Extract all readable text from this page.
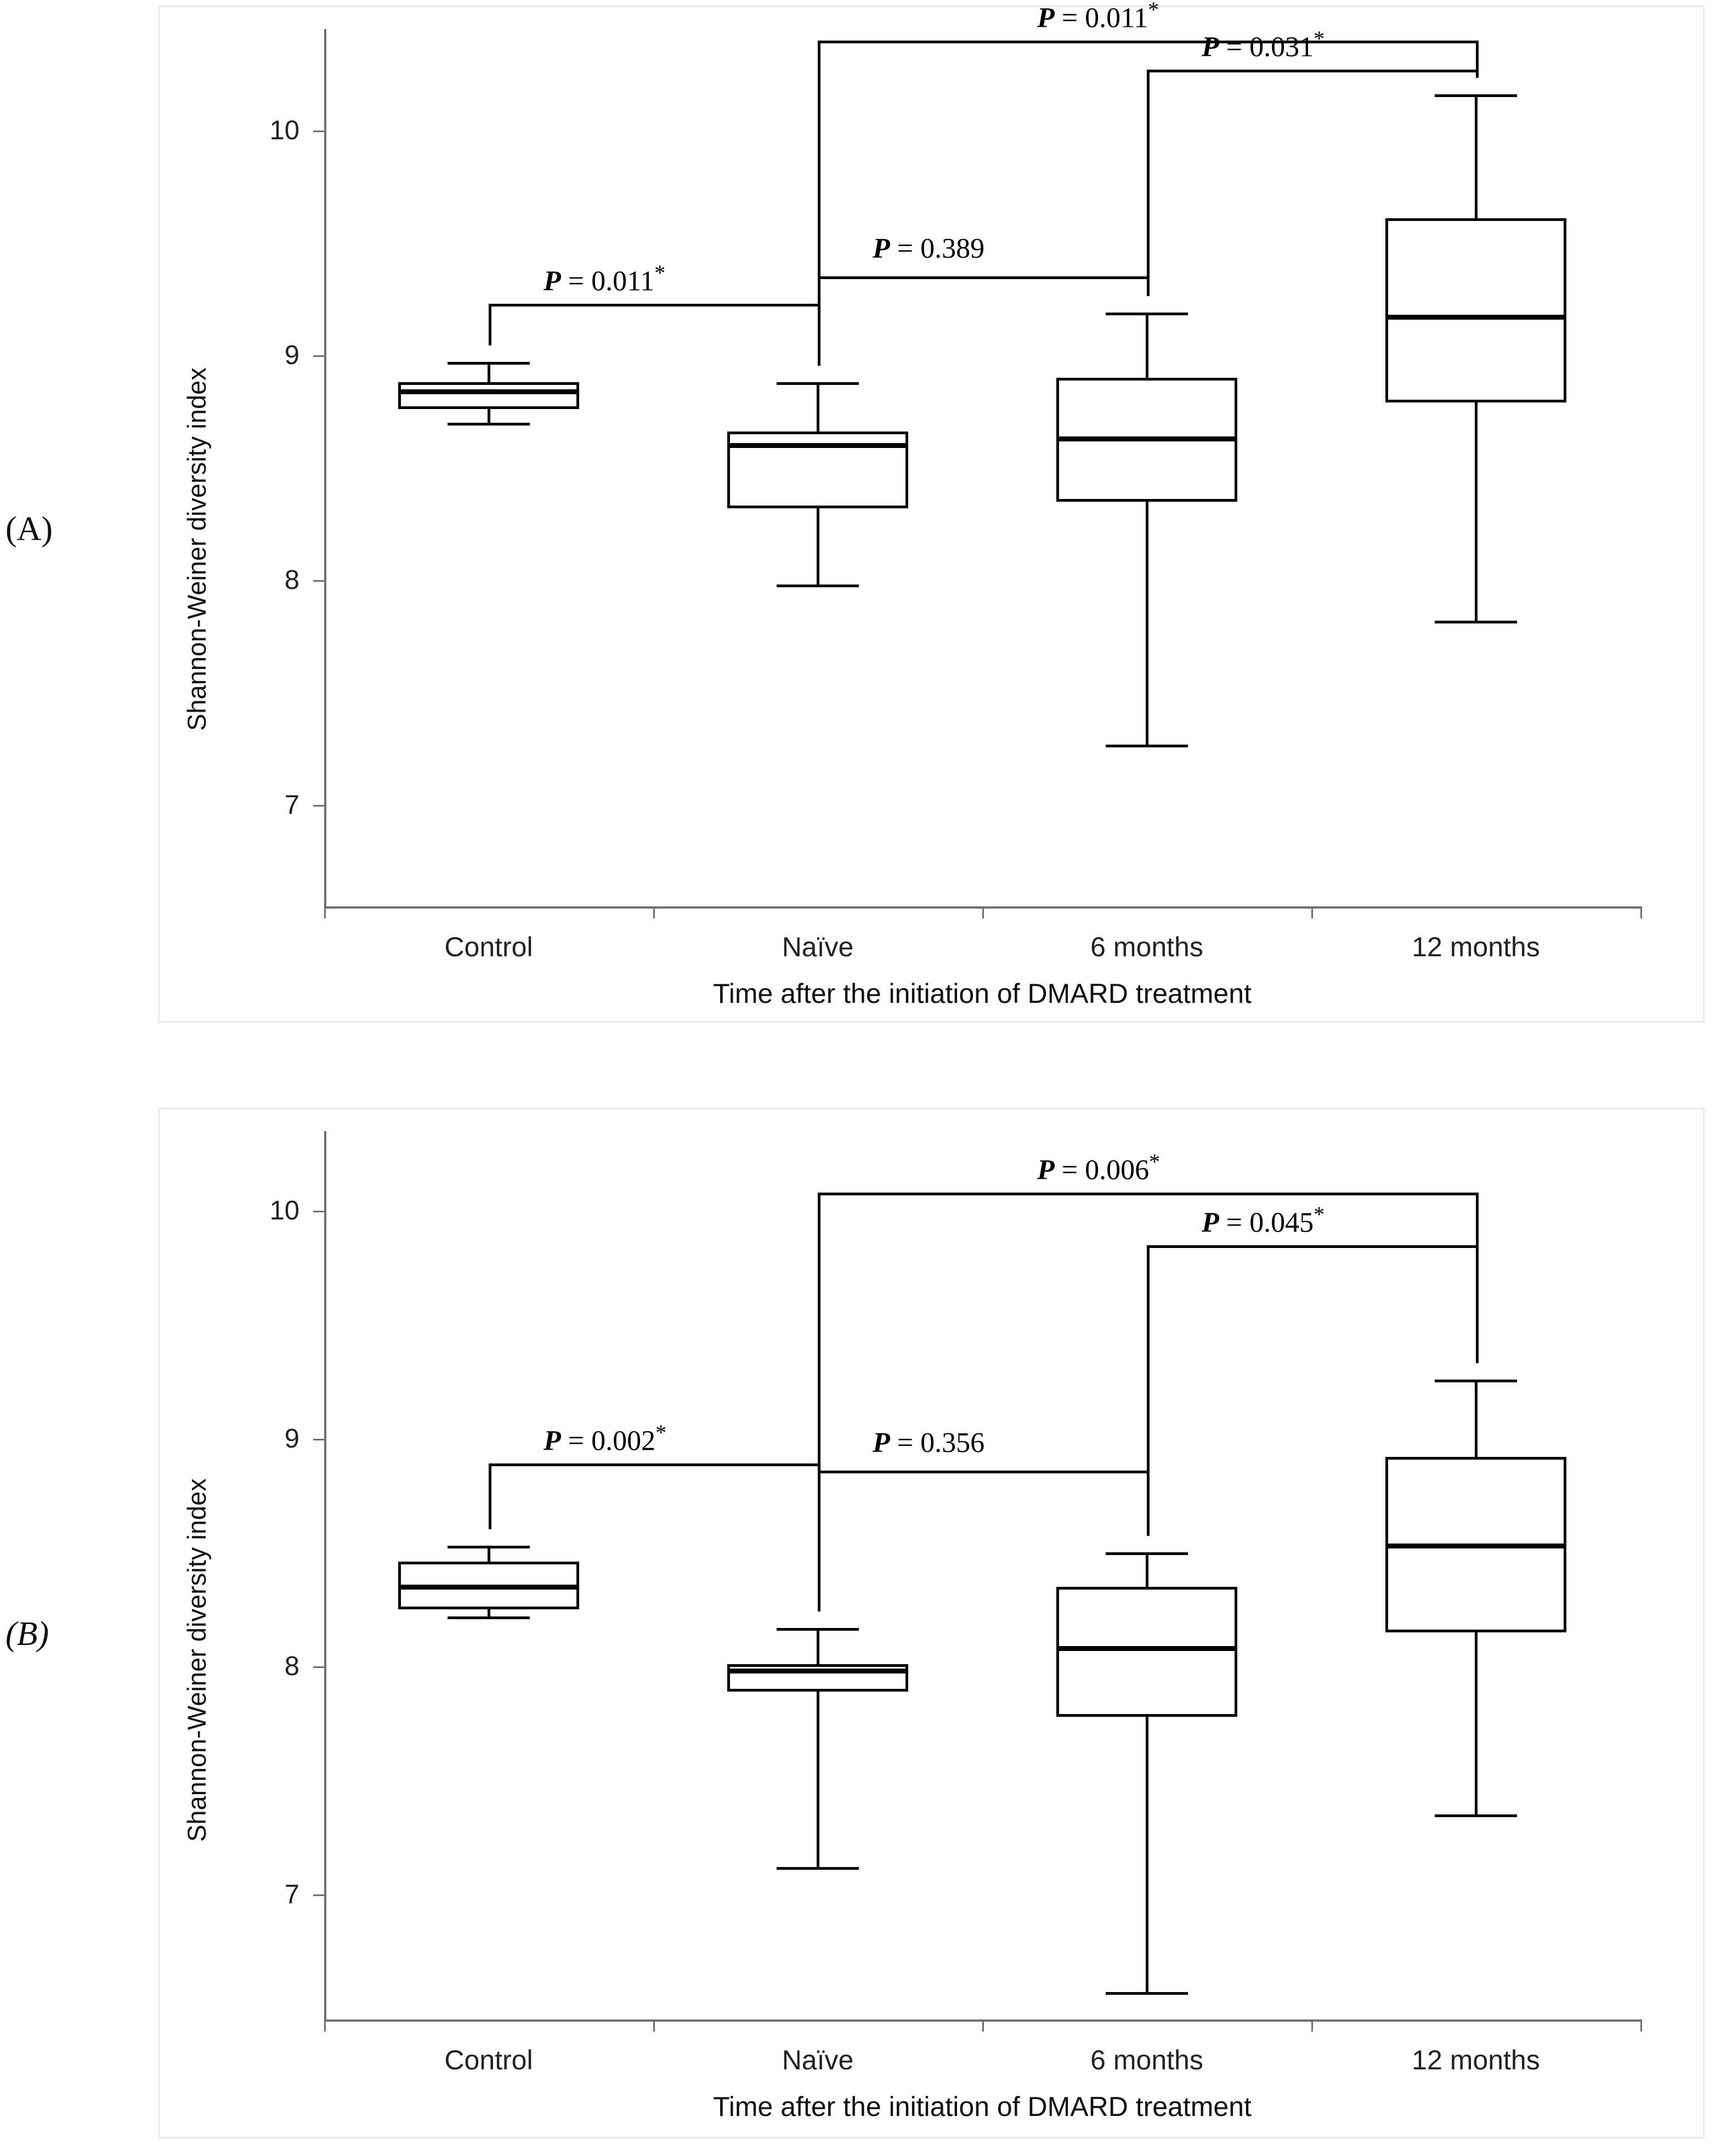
(A)
(B)
7
8
9
10
Control	Naïve	6 months	12 months
Time after the initiation of DMARD treatment
Shannon-Weiner diversity index
P = 0.011*
P = 0.389
P = 0.011*
P = 0.031*
7
8
9
10
Control	Naïve	6 months	12 months
Time after the initiation of DMARD treatment
Shannon-Weiner diversity index
P = 0.002*	P = 0.356
P = 0.006*
P = 0.045*
